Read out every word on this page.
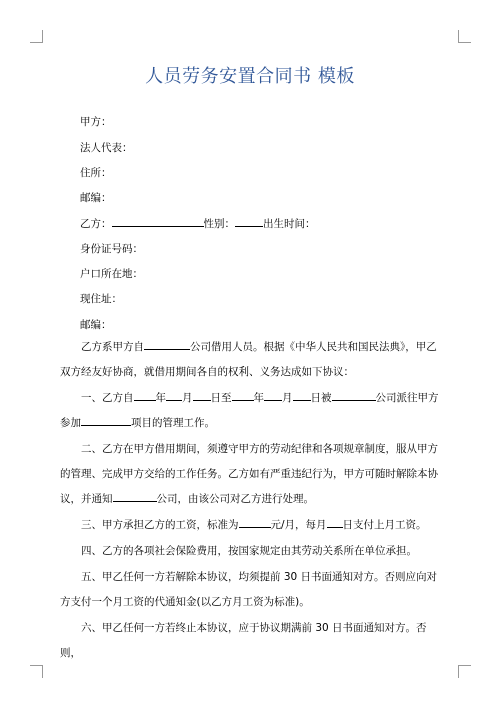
人员劳务安置合同书 模板
甲方：
法人代表：
住所：
邮编：
乙方：	性别：	出生时间：
身份证号码：
户口所在地：
现住址：
邮编：

乙方系甲方自	公司借用人员。根据《中华人民共和国民法典》，甲乙双方经友好协商，就借用期间各自的权利、义务达成如下协议：

一、乙方自 年 月 日至 年 月 日被	公司派往甲方参加	项目的管理工作。

二、乙方在甲方借用期间，须遵守甲方的劳动纪律和各项规章制度，服从甲方的管理、完成甲方交给的工作任务。乙方如有严重违纪行为，甲方可随时解除本协议，并通知	公司，由该公司对乙方进行处理。

三、甲方承担乙方的工资，标准为	元/月，每月 日支付上月工资。

四、乙方的各项社会保险费用，按国家规定由其劳动关系所在单位承担。

五、甲乙任何一方若解除本协议，均须提前 30 日书面通知对方。否则应向对方支付一个月工资的代通知金(以乙方月工资为标准)。

六、甲乙任何一方若终止本协议，应于协议期满前 30 日书面通知对方。否则，
